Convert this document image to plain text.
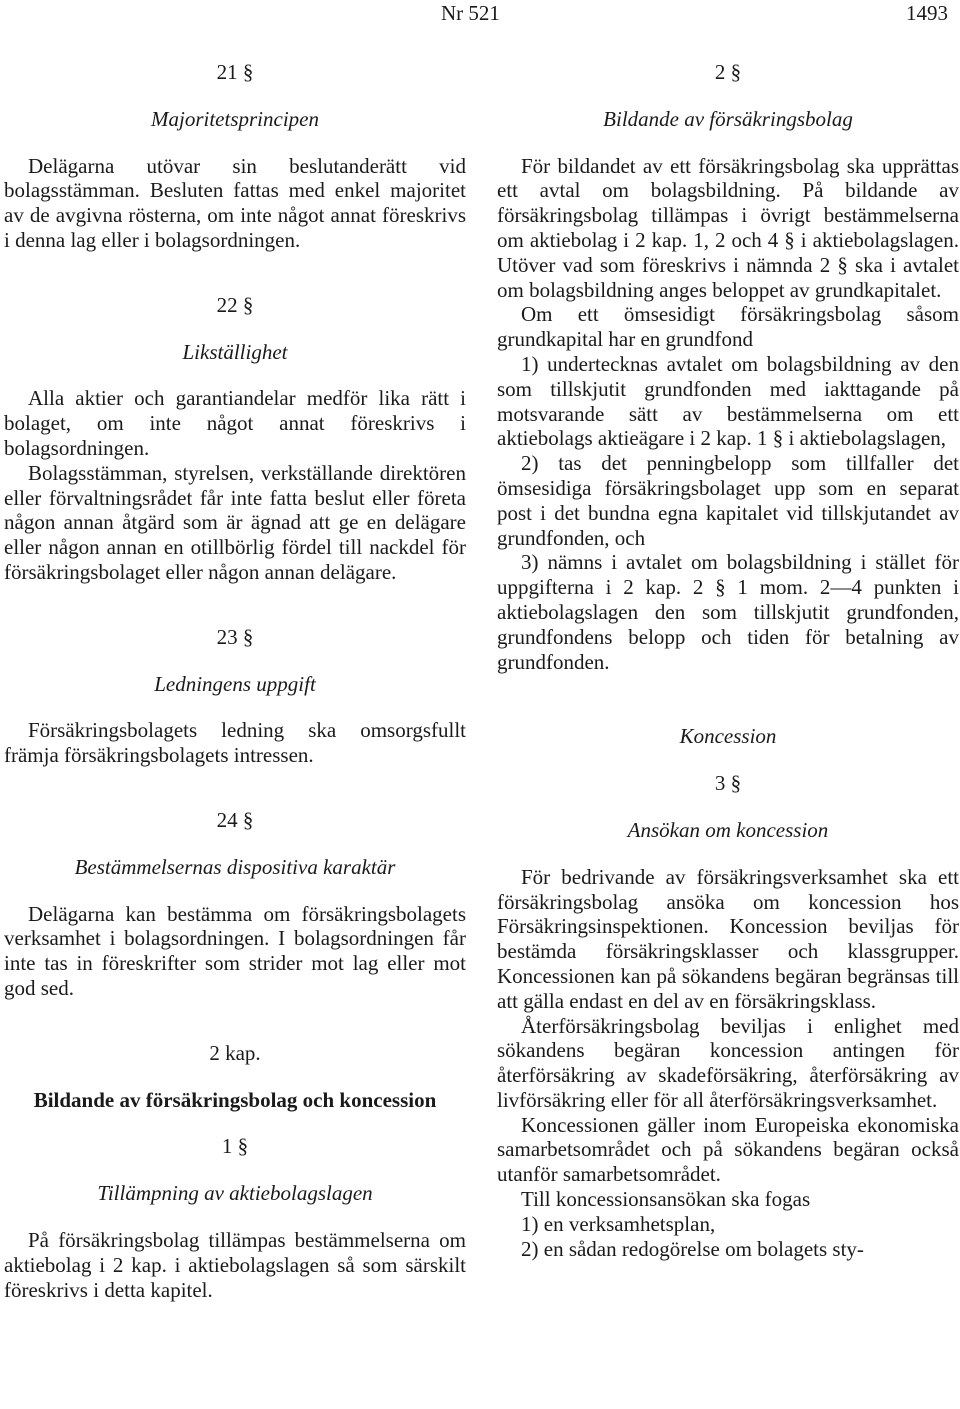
Nr 521	1493
21 §
Majoritetsprincipen

Delägarna utövar sin beslutanderätt vid bolagsstämman. Besluten fattas med enkel majoritet av de avgivna rösterna, om inte något annat föreskrivs i denna lag eller i bolagsordningen.

22 §
Likställighet

Alla aktier och garantiandelar medför lika rätt i bolaget, om inte något annat föreskrivs i bolagsordningen.

Bolagsstämman, styrelsen, verkställande direktören eller förvaltningsrådet får inte fatta beslut eller företa någon annan åtgärd som är ägnad att ge en delägare eller någon annan en otillbörlig fördel till nackdel för försäkringsbolaget eller någon annan delägare.

23 §
Ledningens uppgift

Försäkringsbolagets ledning ska omsorgsfullt främja försäkringsbolagets intressen.

24 §
Bestämmelsernas dispositiva karaktär

Delägarna kan bestämma om försäkringsbolagets verksamhet i bolagsordningen. I bolagsordningen får inte tas in föreskrifter som strider mot lag eller mot god sed.

2 kap.
Bildande av försäkringsbolag och koncession
1 §
Tillämpning av aktiebolagslagen

På försäkringsbolag tillämpas bestämmelserna om aktiebolag i 2 kap. i aktiebolagslagen så som särskilt föreskrivs i detta kapitel.

2 §
Bildande av försäkringsbolag

För bildandet av ett försäkringsbolag ska upprättas ett avtal om bolagsbildning. På bildande av försäkringsbolag tillämpas i övrigt bestämmelserna om aktiebolag i 2 kap. 1, 2 och 4 § i aktiebolagslagen. Utöver vad som föreskrivs i nämnda 2 § ska i avtalet om bolagsbildning anges beloppet av grundkapitalet.

Om ett ömsesidigt försäkringsbolag såsom grundkapital har en grundfond

1) undertecknas avtalet om bolagsbildning av den som tillskjutit grundfonden med iakttagande på motsvarande sätt av bestämmelserna om ett aktiebolags aktieägare i 2 kap. 1 § i aktiebolagslagen,

2) tas det penningbelopp som tillfaller det ömsesidiga försäkringsbolaget upp som en separat post i det bundna egna kapitalet vid tillskjutandet av grundfonden, och

3) nämns i avtalet om bolagsbildning i stället för uppgifterna i 2 kap. 2 § 1 mom. 2—4 punkten i aktiebolagslagen den som tillskjutit grundfonden, grundfondens belopp och tiden för betalning av grundfonden.

Koncession
3 §
Ansökan om koncession

För bedrivande av försäkringsverksamhet ska ett försäkringsbolag ansöka om koncession hos Försäkringsinspektionen. Koncession beviljas för bestämda försäkringsklasser och klassgrupper. Koncessionen kan på sökandens begäran begränsas till att gälla endast en del av en försäkringsklass.

Återförsäkringsbolag beviljas i enlighet med sökandens begäran koncession antingen för återförsäkring av skadeförsäkring, återförsäkring av livförsäkring eller för all återförsäkringsverksamhet.

Koncessionen gäller inom Europeiska ekonomiska samarbetsområdet och på sökandens begäran också utanför samarbetsområdet.

Till koncessionsansökan ska fogas

1) en verksamhetsplan,

2) en sådan redogörelse om bolagets sty-
